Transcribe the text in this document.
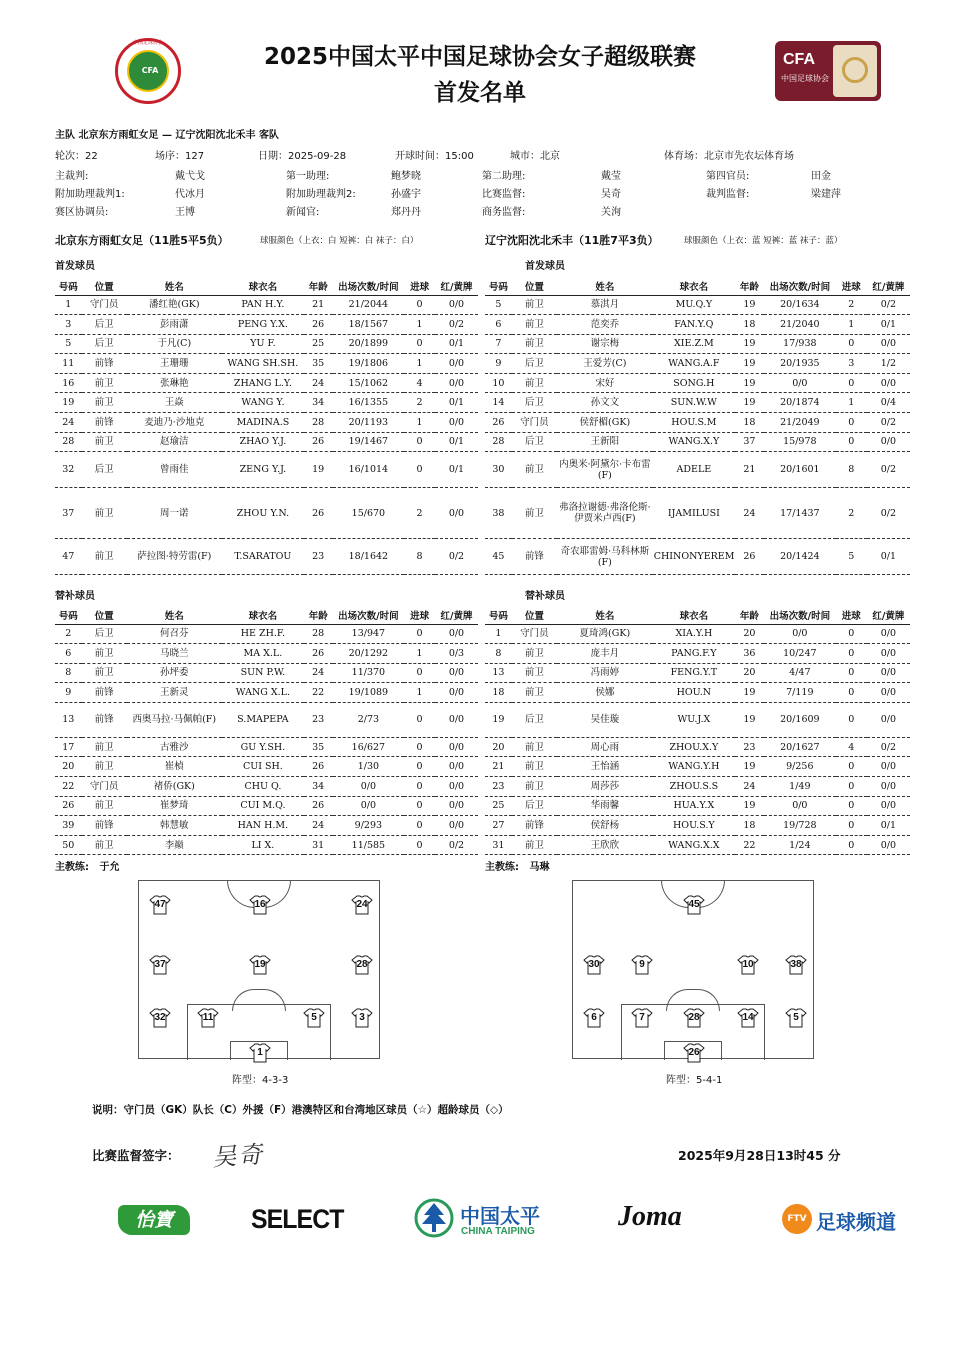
中国足球协会
CFA
2025中国太平中国足球协会女子超级联赛
首发名单
CFA
中国足球协会
主队 北京东方雨虹女足 — 辽宁沈阳沈北禾丰 客队
轮次：22	场序：127	日期：2025-09-28	开球时间：15:00	城市：北京	体育场：北京市先农坛体育场
主裁判:	戴弋戈	第一助理:	鲍梦晓	第二助理:	戴莹	第四官员:	田金
附加助理裁判1:	代冰月	附加助理裁判2:	孙盛宇	比赛监督:	吴奇	裁判监督:	梁建萍
赛区协调员:	王博	新闻官:	郑丹丹	商务监督:	关洵
北京东方雨虹女足（11胜5平5负）	球服颜色（上衣：白 短裤：白 袜子：白）	辽宁沈阳沈北禾丰（11胜7平3负）	球服颜色（上衣：蓝 短裤：蓝 袜子：蓝）
首发球员	首发球员
号码	位置	姓名	球衣名	年龄	出场次数/时间	进球	红/黄牌
1	守门员	潘红艳(GK)	PAN H.Y.	21	21/2044	0	0/0
3	后卫	彭雨潇	PENG Y.X.	26	18/1567	1	0/2
5	后卫	于凡(C)	YU F.	25	20/1899	0	0/1
11	前锋	王珊珊	WANG SH.SH.	35	19/1806	1	0/0
16	前卫	张琳艳	ZHANG L.Y.	24	15/1062	4	0/0
19	前卫	王焱	WANG Y.	34	16/1355	2	0/1
24	前锋	麦迪乃·沙地克	MADINA.S	28	20/1193	1	0/0
28	前卫	赵瑜洁	ZHAO Y.J.	26	19/1467	0	0/1
32	后卫	曾雨佳	ZENG Y.J.	19	16/1014	0	0/1
37	前卫	周一诺	ZHOU Y.N.	26	15/670	2	0/0
47	前卫	萨拉图·特劳雷(F)	T.SARATOU	23	18/1642	8	0/2
号码	位置	姓名	球衣名	年龄	出场次数/时间	进球	红/黄牌
5	前卫	慕淇月	MU.Q.Y	19	20/1634	2	0/2
6	前卫	范奕乔	FAN.Y.Q	18	21/2040	1	0/1
7	前卫	谢宗梅	XIE.Z.M	19	17/938	0	0/0
9	后卫	王爱芳(C)	WANG.A.F	19	20/1935	3	1/2
10	前卫	宋好	SONG.H	19	0/0	0	0/0
14	后卫	孙文文	SUN.W.W	19	20/1874	1	0/4
26	守门员	侯舒楣(GK)	HOU.S.M	18	21/2049	0	0/2
28	后卫	王新阳	WANG.X.Y	37	15/978	0	0/0
30	前卫	内奥米·阿黛尔·卡布雷(F)	ADELE	21	20/1601	8	0/2
38	前卫	弗洛拉谢德·弗洛伦斯·伊贾米卢西(F)	IJAMILUSI	24	17/1437	2	0/2
45	前锋	奇农耶雷姆·马科林斯(F)	CHINONYEREM	26	20/1424	5	0/1
替补球员	替补球员
号码	位置	姓名	球衣名	年龄	出场次数/时间	进球	红/黄牌
2	后卫	何召芬	HE ZH.F.	28	13/947	0	0/0
6	前卫	马晓兰	MA X.L.	26	20/1292	1	0/3
8	前卫	孙坪委	SUN P.W.	24	11/370	0	0/0
9	前锋	王新灵	WANG X.L.	22	19/1089	1	0/0
13	前锋	西奥马拉·马佩帕(F)	S.MAPEPA	23	2/73	0	0/0
17	前卫	古雅沙	GU Y.SH.	35	16/627	0	0/0
20	前卫	崔楨	CUI SH.	26	1/30	0	0/0
22	守门员	褚侨(GK)	CHU Q.	34	0/0	0	0/0
26	前卫	崔梦琦	CUI M.Q.	26	0/0	0	0/0
39	前锋	韩慧敏	HAN H.M.	24	9/293	0	0/0
50	前卫	李巅	LI X.	31	11/585	0	0/2
号码	位置	姓名	球衣名	年龄	出场次数/时间	进球	红/黄牌
1	守门员	夏琦鸿(GK)	XIA.Y.H	20	0/0	0	0/0
8	前卫	庞丰月	PANG.F.Y	36	10/247	0	0/0
13	前卫	冯雨婷	FENG.Y.T	20	4/47	0	0/0
18	前卫	侯娜	HOU.N	19	7/119	0	0/0
19	后卫	吴佳璇	WU.J.X	19	20/1609	0	0/0
20	前卫	周心雨	ZHOU.X.Y	23	20/1627	4	0/2
21	前卫	王怡涵	WANG.Y.H	19	9/256	0	0/0
23	前卫	周莎莎	ZHOU.S.S	24	1/49	0	0/0
25	后卫	华雨馨	HUA.Y.X	19	0/0	0	0/0
27	前锋	侯舒杨	HOU.S.Y	18	19/728	0	0/1
31	前卫	王欣欣	WANG.X.X	22	1/24	0	0/0
主教练: 于允	主教练: 马琳
47	16	24
37	19	28
32	11	5	3
1
45
30	9	10	38
6	7	28	14	5
26
阵型：4-3-3	阵型：5-4-1
说明：守门员（GK）队长（C）外援（F）港澳特区和台湾地区球员（☆）超龄球员（◇）
比赛监督签字： 吴奇	2025年9月28日13时45 分
怡寶	SELECT	中国太平
CHINA TAIPING	Joma	FTV 足球频道
